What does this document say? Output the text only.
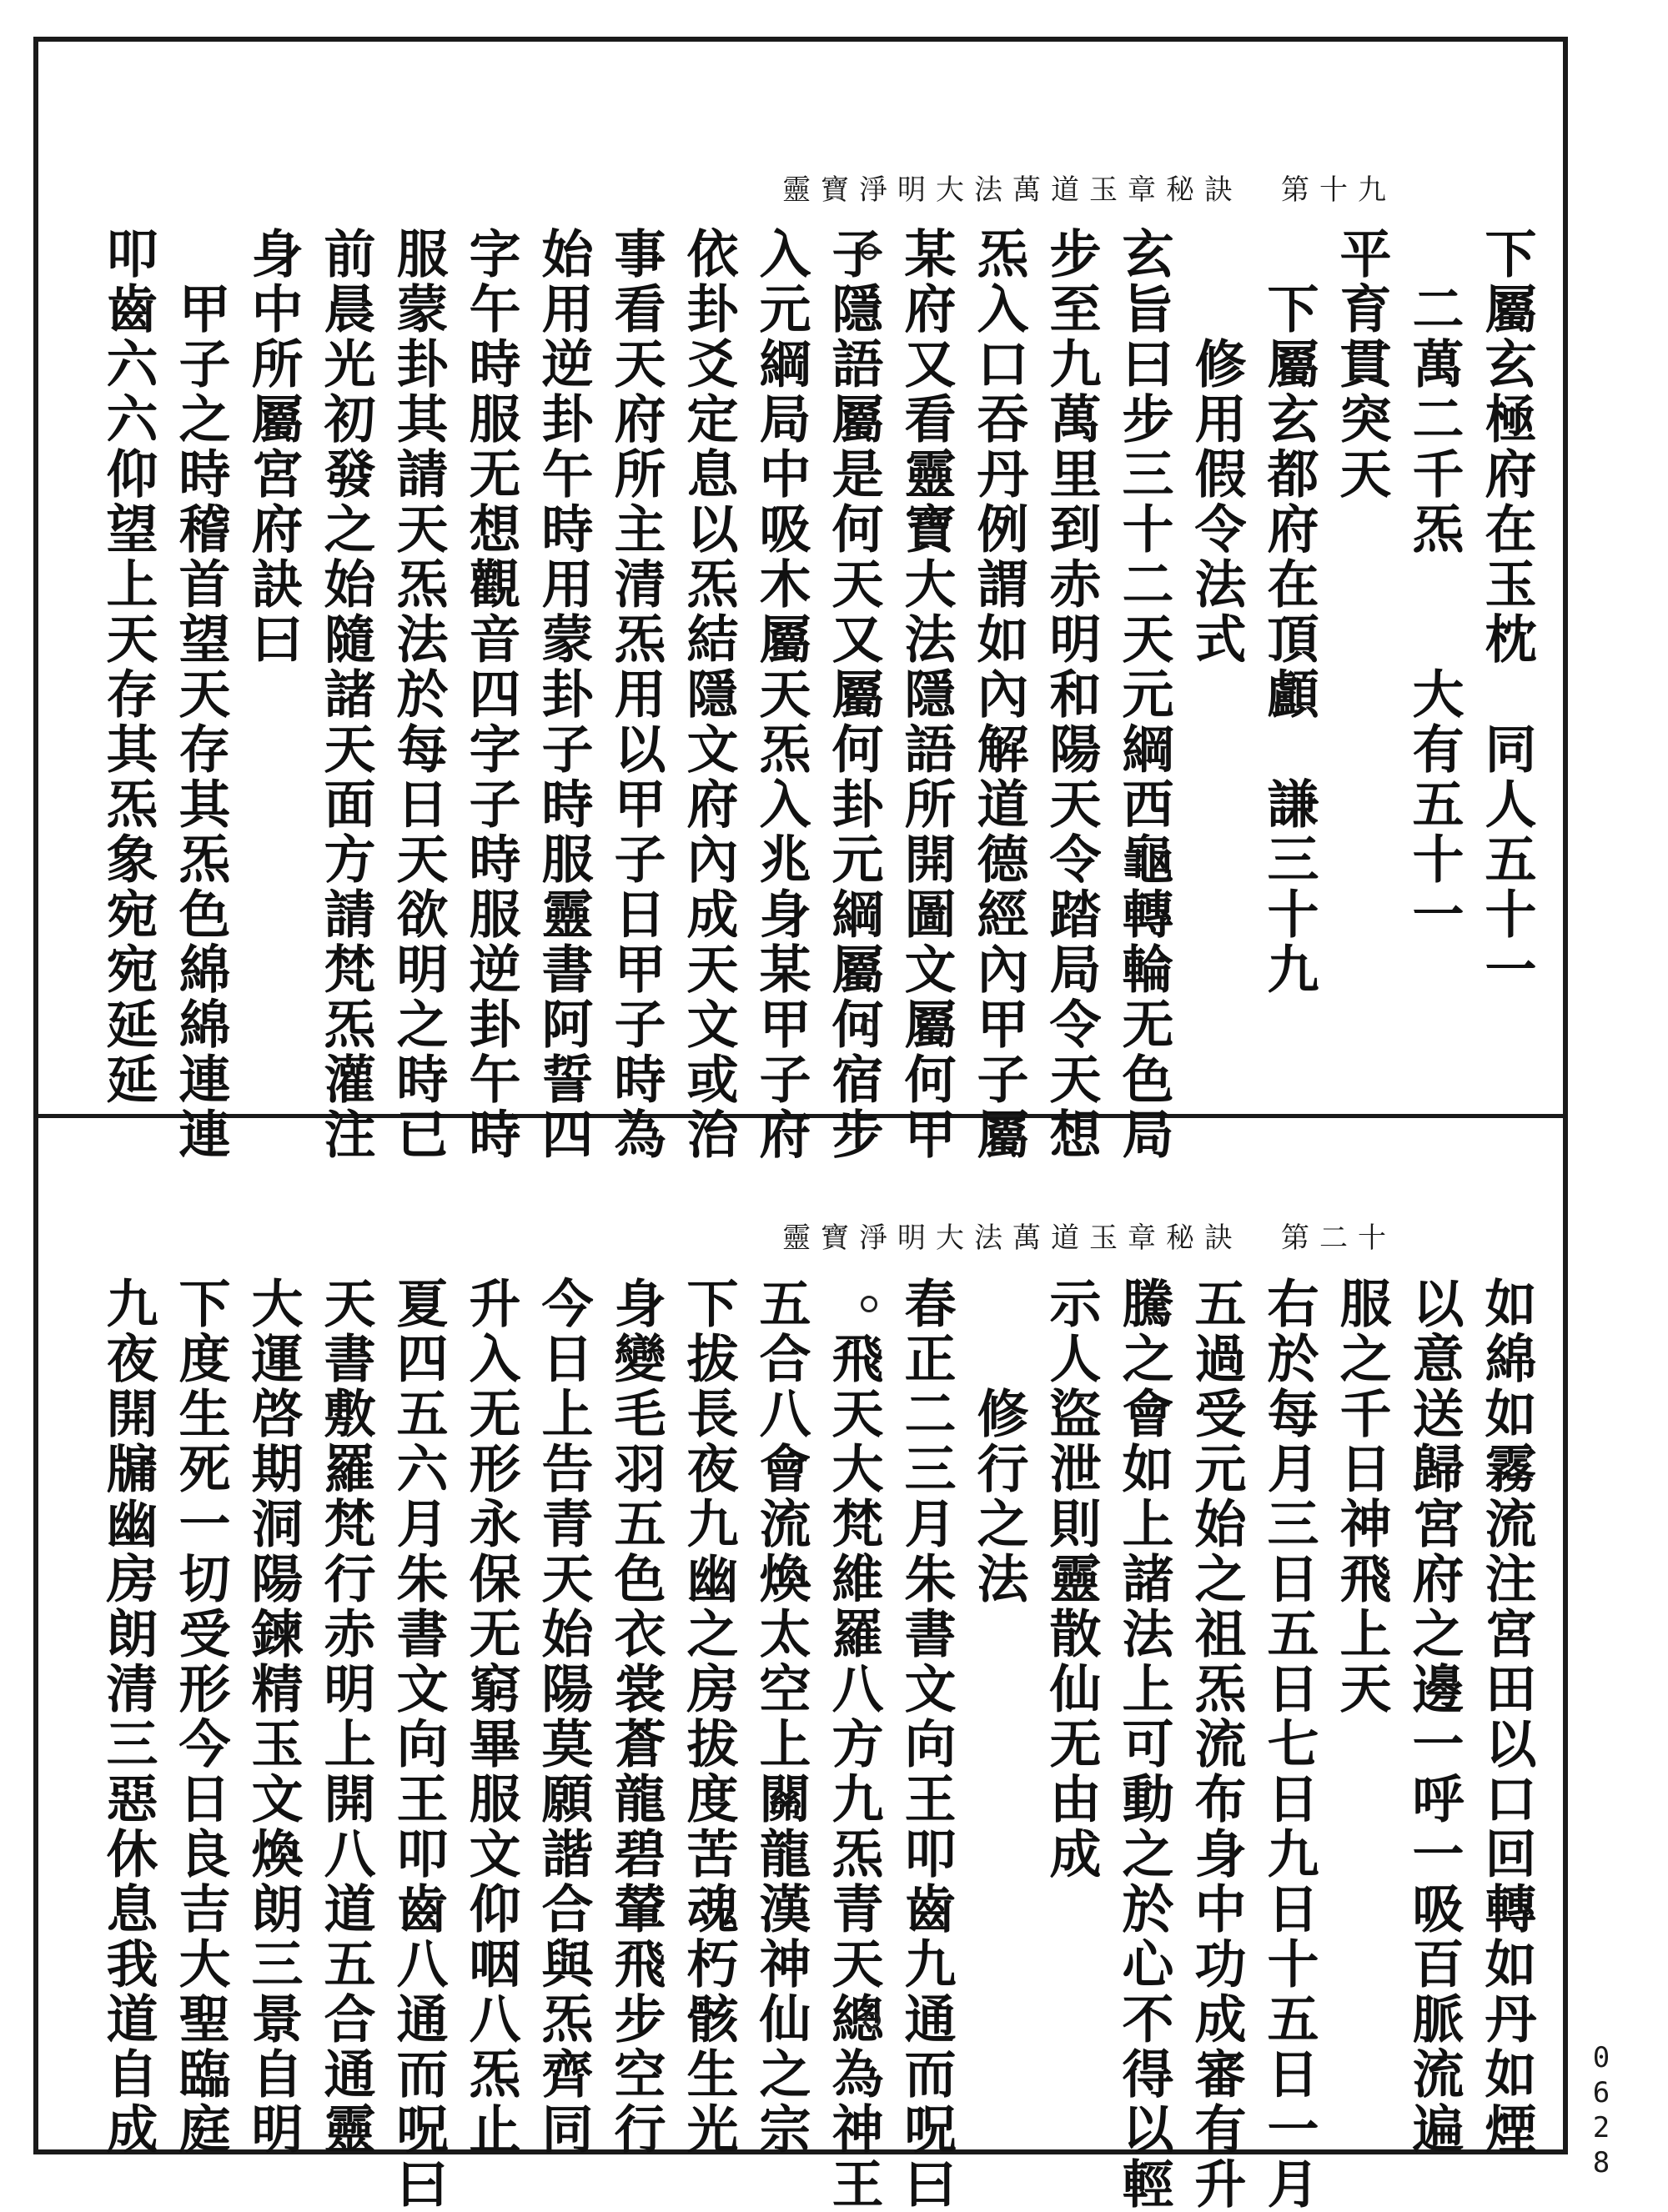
靈寶淨明大法萬道玉章秘訣　第十九
下屬玄極府在玉枕　同人五十一
　二萬二千炁　　大有五十一
平育貫突天
　下屬玄都府在頂顱　謙三十九
　　修用假令法式
玄旨曰步三十二天元綱西龜轉輪无色局
步至九萬里到赤明和陽天令踏局令天想
炁入口吞丹例謂如內解道德經內甲子屬
某府又看靈寶大法隱語所開圖文屬何甲
子隱語屬是何天又屬何卦元綱屬何宿步
入元綱局中吸木屬天炁入兆身某甲子府
依卦爻定息以炁結隱文府內成天文或治
事看天府所主清炁用以甲子日甲子時為
始用逆卦午時用蒙卦子時服靈書阿誓四
字午時服无想觀音四字子時服逆卦午時
服蒙卦其請天炁法於每日天欲明之時已
前晨光初發之始隨諸天面方請梵炁灌注
身中所屬宮府訣曰
　甲子之時稽首望天存其炁色綿綿連連
叩齒六六仰望上天存其炁象宛宛延延
靈寶淨明大法萬道玉章秘訣　第二十
如綿如霧流注宮田以口回轉如丹如煙
以意送歸宮府之邊一呼一吸百脈流遍
服之千日神飛上天
右於每月三日五日七日九日十五日一月
五過受元始之祖炁流布身中功成審有升
騰之會如上諸法上可動之於心不得以輕
示人盜泄則靈散仙无由成
　　修行之法
春正二三月朱書文向王叩齒九通而呪曰
　飛天大梵維羅八方九炁青天總為神王
五合八會流煥太空上關龍漢神仙之宗
下拔長夜九幽之房拔度苦魂朽骸生光
身變毛羽五色衣裳蒼龍碧輦飛步空行
今日上告青天始陽莫願諧合與炁齊同
升入无形永保无窮畢服文仰咽八炁止
夏四五六月朱書文向王叩齒八通而呪曰
天書敷羅梵行赤明上開八道五合通靈
大運啓期洞陽鍊精玉文煥朗三景自明
下度生死一切受形今日良吉大聖臨庭
九夜開牖幽房朗清三惡休息我道自成	0628
